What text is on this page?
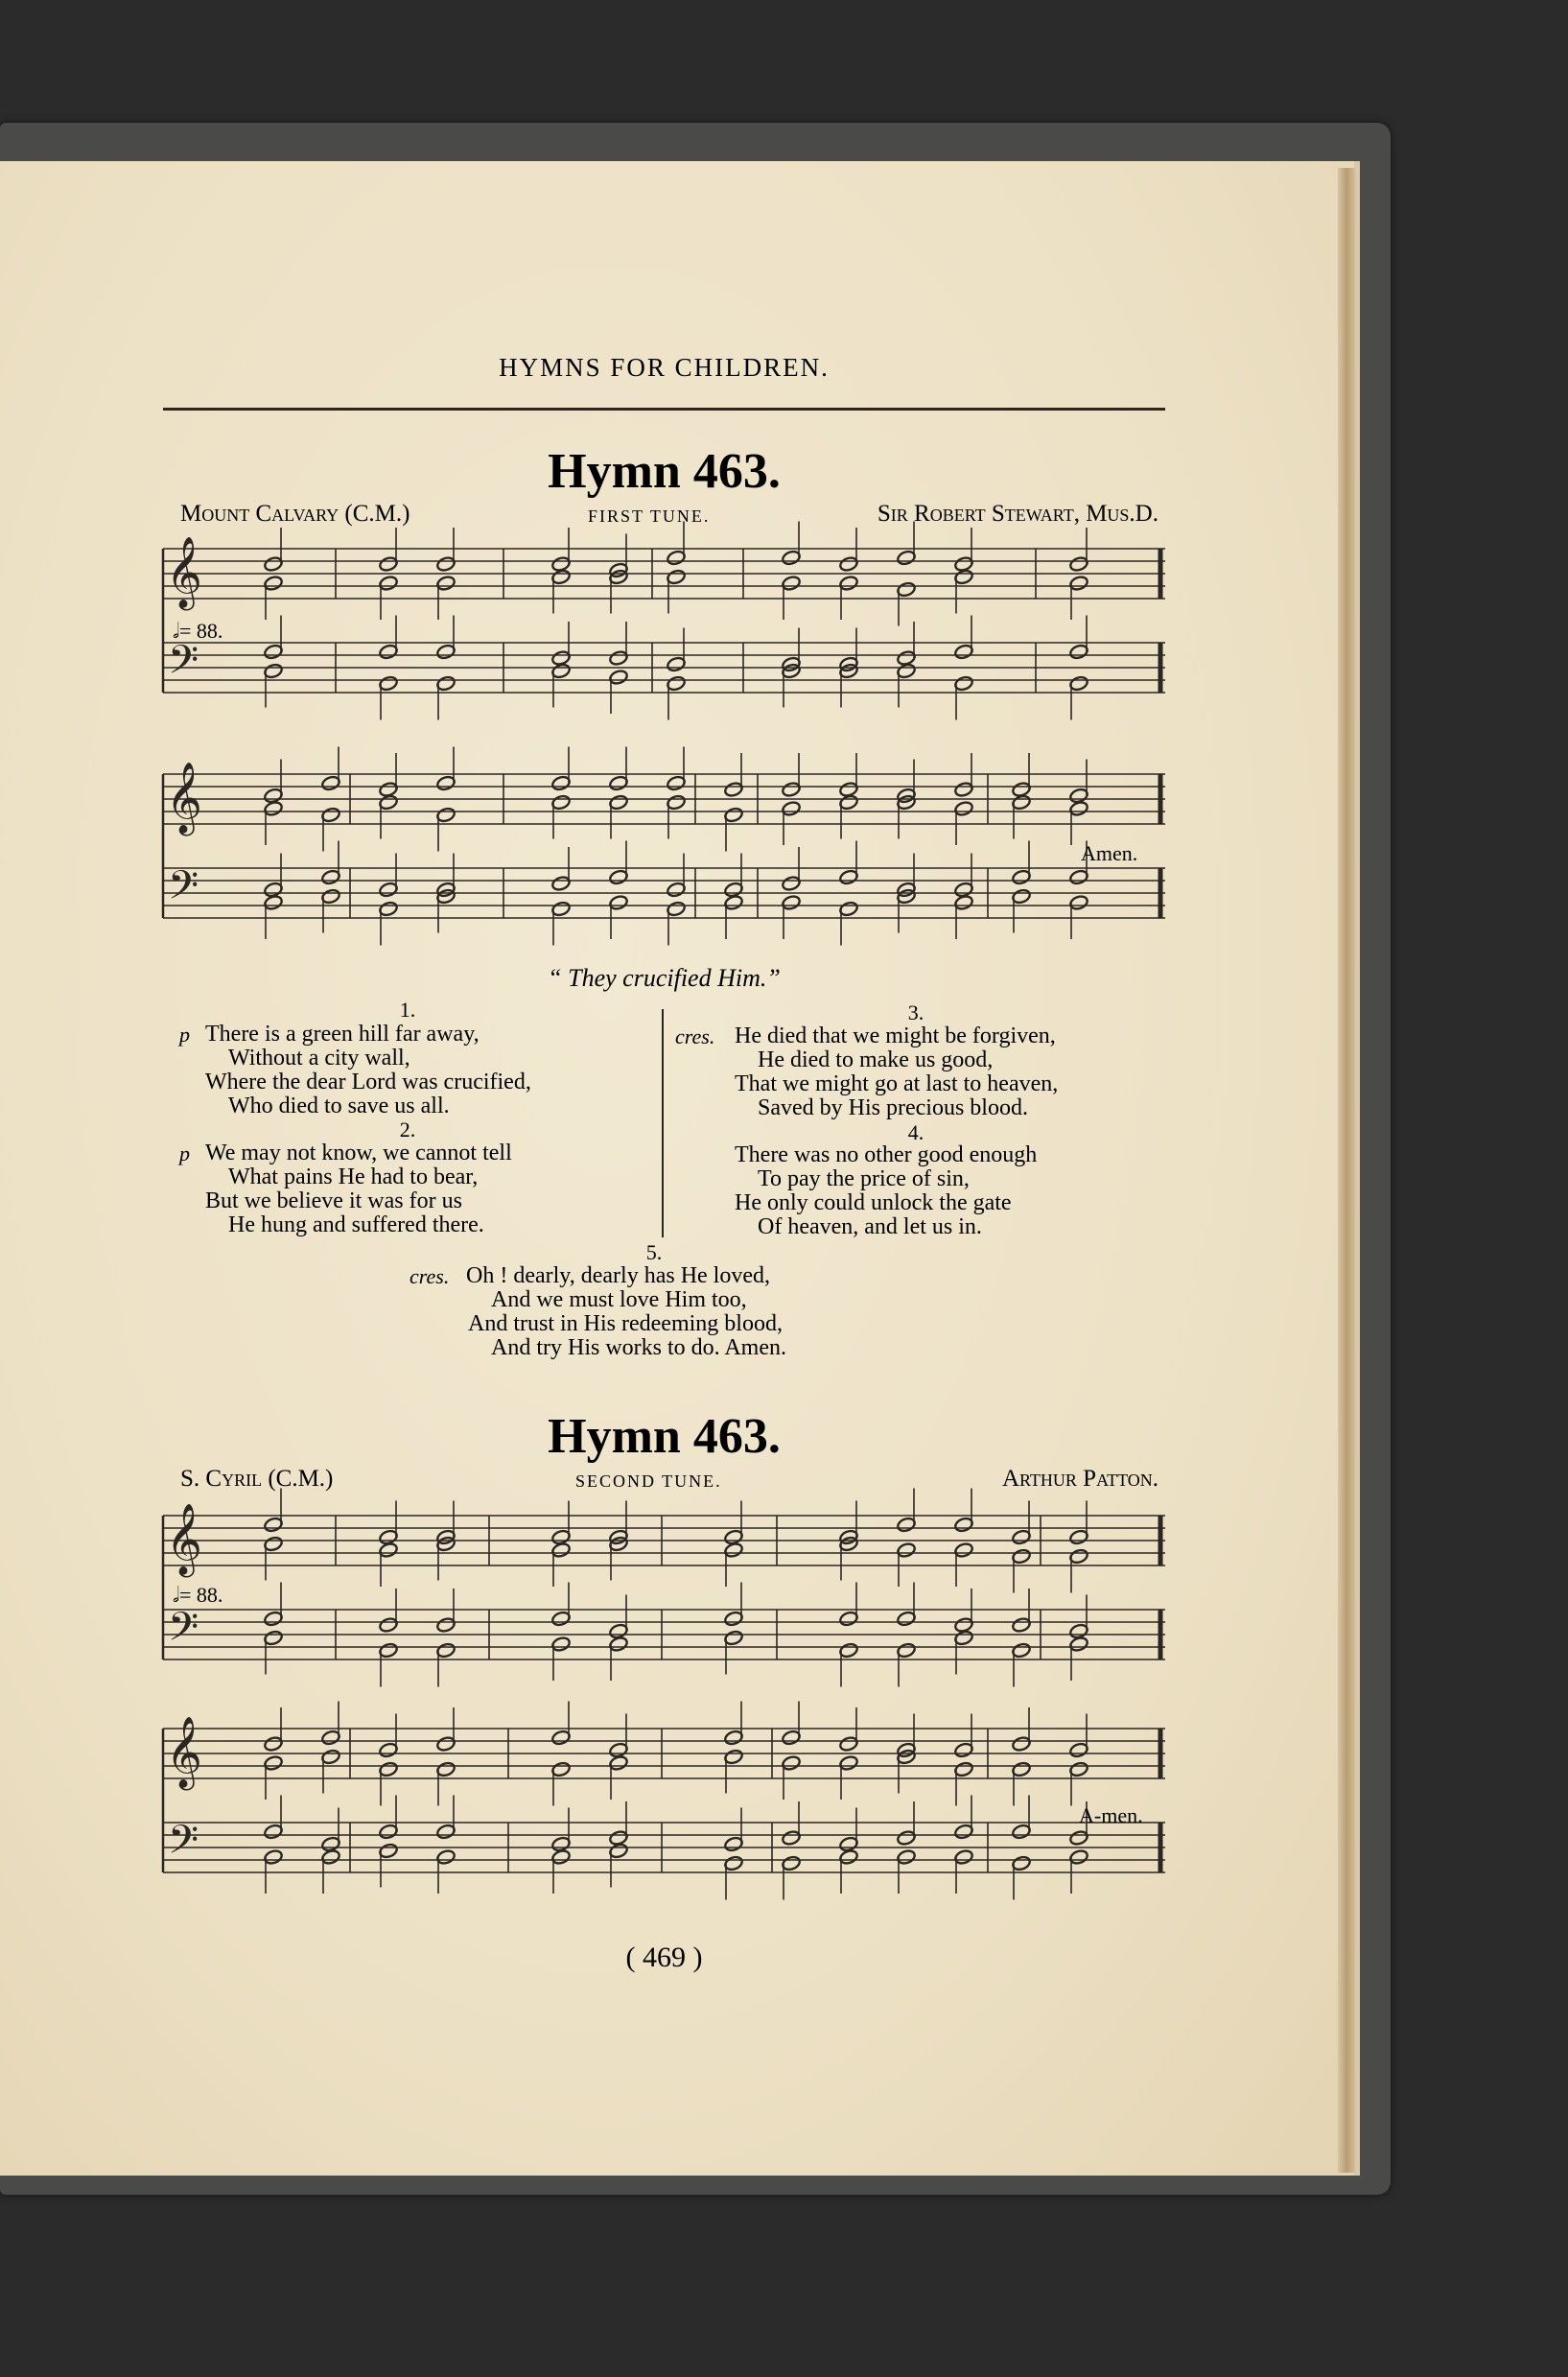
HYMNS FOR CHILDREN.
Hymn 463.
Mount Calvary (C.M.)	FIRST TUNE.	Sir Robert Stewart, Mus.D.
𝄞
𝄢
𝅗𝅥= 88.
𝄞
𝄢
Amen.
“ They crucified Him.”
1.
p There is a green hill far away,
Without a city wall,
Where the dear Lord was crucified,
Who died to save us all.
2.
p We may not know, we cannot tell
What pains He had to bear,
But we believe it was for us
He hung and suffered there.
3.
cres. He died that we might be forgiven,
He died to make us good,
That we might go at last to heaven,
Saved by His precious blood.
4.
There was no other good enough
To pay the price of sin,
He only could unlock the gate
Of heaven, and let us in.
5.
cres. Oh ! dearly, dearly has He loved,
And we must love Him too,
And trust in His redeeming blood,
And try His works to do. Amen.
Hymn 463.
S. Cyril (C.M.)	SECOND TUNE.	Arthur Patton.
𝄞
𝄢
𝅗𝅥= 88.
𝄞
𝄢
A-men.
( 469 )
